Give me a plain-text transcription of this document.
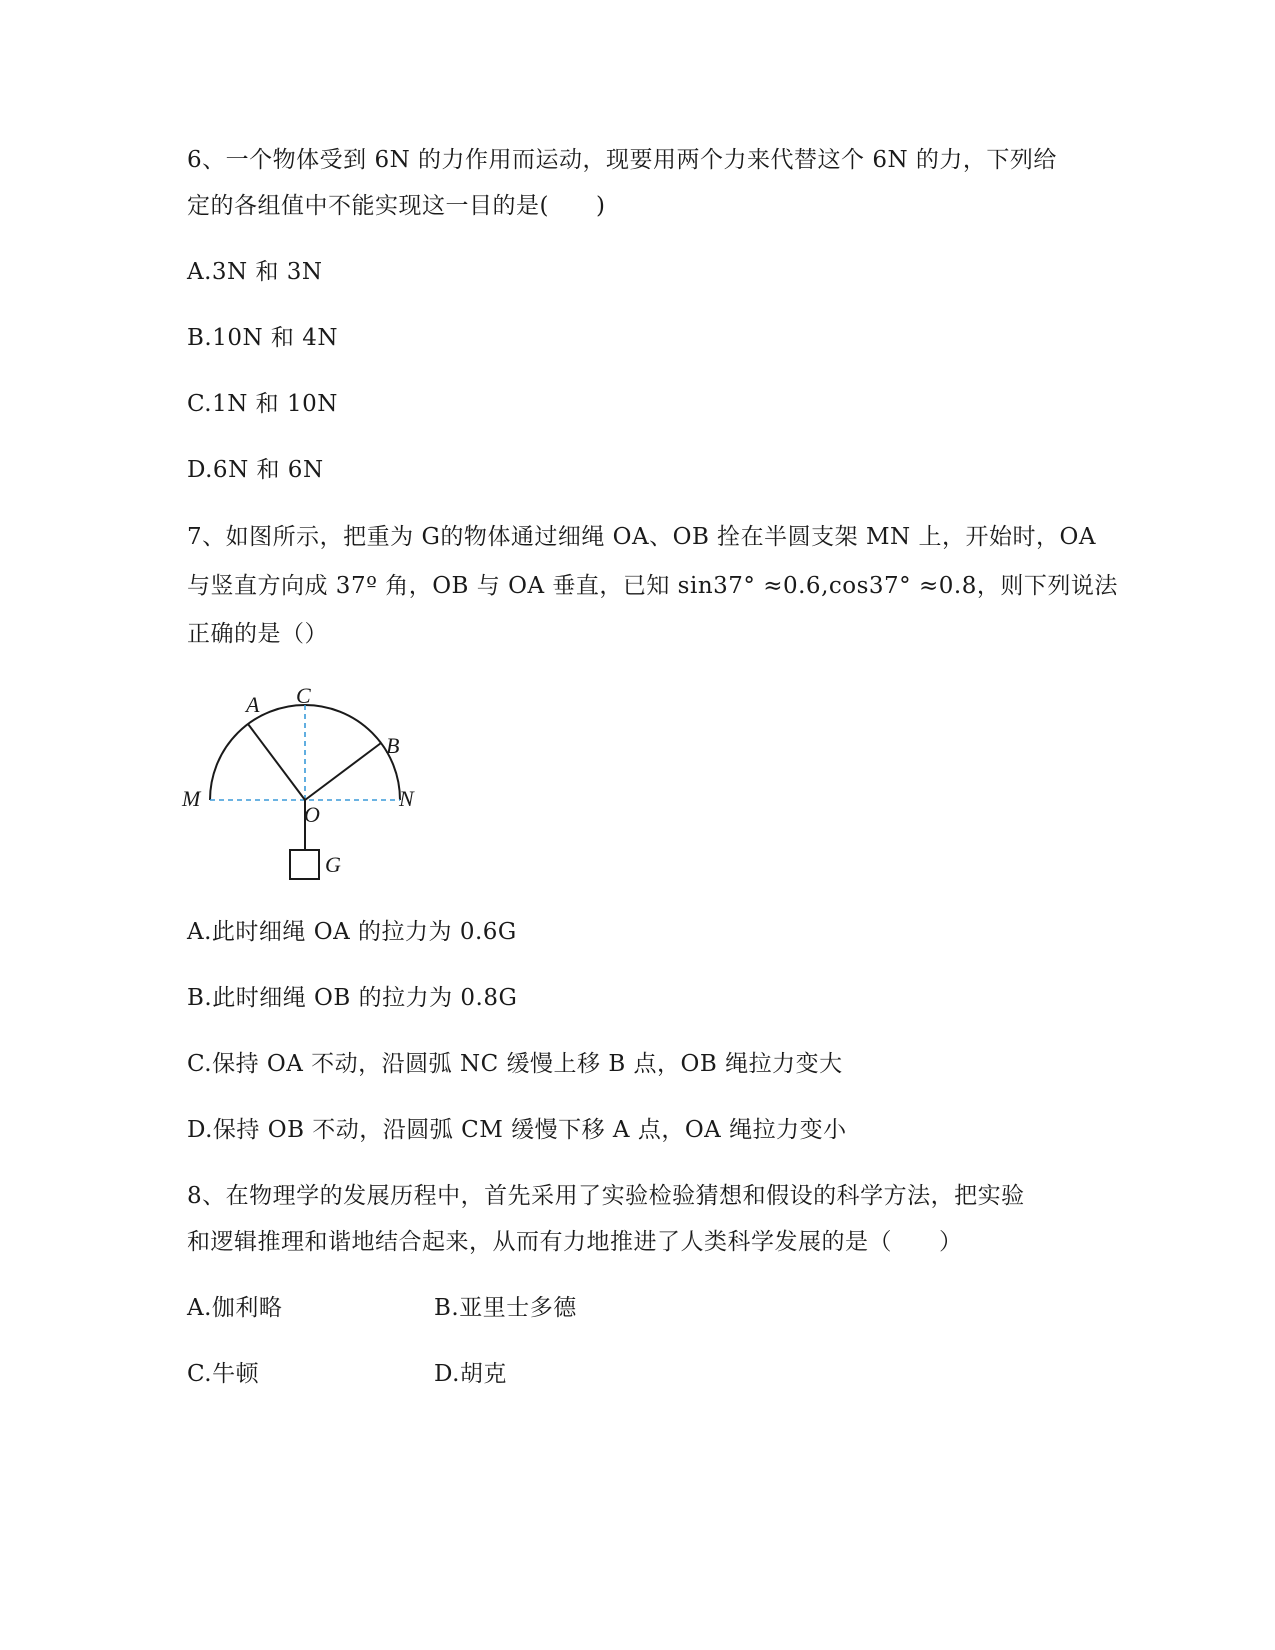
6、一个物体受到 6N 的力作用而运动，现要用两个力来代替这个 6N 的力，下列给
定的各组值中不能实现这一目的是(　　)
A.3N 和 3N
B.10N 和 4N
C.1N 和 10N
D.6N 和 6N
7、如图所示，把重为 G的物体通过细绳 OA、OB 拴在半圆支架 MN 上，开始时，OA
与竖直方向成 37º 角，OB 与 OA 垂直，已知 sin37° ≈0.6,cos37° ≈0.8，则下列说法
正确的是（）
A C
B
M	N
O
G
A.此时细绳 OA 的拉力为 0.6G
B.此时细绳 OB 的拉力为 0.8G
C.保持 OA 不动，沿圆弧 NC 缓慢上移 B 点，OB 绳拉力变大
D.保持 OB 不动，沿圆弧 CM 缓慢下移 A 点，OA 绳拉力变小
8、在物理学的发展历程中，首先采用了实验检验猜想和假设的科学方法，把实验
和逻辑推理和谐地结合起来，从而有力地推进了人类科学发展的是（　　）
A.伽利略	B.亚里士多德
C.牛顿	D.胡克
